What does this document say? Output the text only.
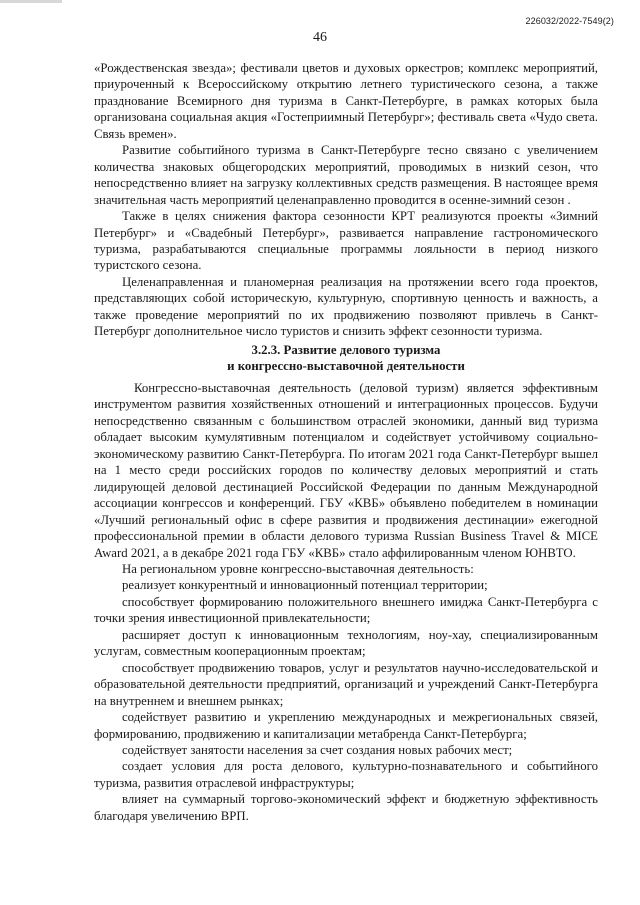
226032/2022-7549(2)
46

«Рождественская звезда»; фестивали цветов и духовых оркестров; комплекс мероприятий, приуроченный к Всероссийскому открытию летнего туристического сезона, а также празднование Всемирного дня туризма в Санкт-Петербурге, в рамках которых была организована социальная акция «Гостеприимный Петербург»; фестиваль света «Чудо света. Связь времен».

Развитие событийного туризма в Санкт-Петербурге тесно связано с увеличением количества знаковых общегородских мероприятий, проводимых в низкий сезон, что непосредственно влияет на загрузку коллективных средств размещения. В настоящее время значительная часть мероприятий целенаправленно проводится в осенне-зимний сезон .

Также в целях снижения фактора сезонности КРТ реализуются проекты «Зимний Петербург» и «Свадебный Петербург», развивается направление гастрономического туризма, разрабатываются специальные программы лояльности в период низкого туристского сезона.

Целенаправленная и планомерная реализация на протяжении всего года проектов, представляющих собой историческую, культурную, спортивную ценность и важность, а также проведение мероприятий по их продвижению позволяют привлечь в Санкт-Петербург дополнительное число туристов и снизить эффект сезонности туризма.

3.2.3. Развитие делового туризма
и конгрессно-выставочной деятельности

Конгрессно-выставочная деятельность (деловой туризм) является эффективным инструментом развития хозяйственных отношений и интеграционных процессов. Будучи непосредственно связанным с большинством отраслей экономики, данный вид туризма обладает высоким кумулятивным потенциалом и содействует устойчивому социально-экономическому развитию Санкт-Петербурга. По итогам 2021 года Санкт-Петербург вышел на 1 место среди российских городов по количеству деловых мероприятий и стать лидирующей деловой дестинацией Российской Федерации по данным Международной ассоциации конгрессов и конференций. ГБУ «КВБ» объявлено победителем в номинации «Лучший региональный офис в сфере развития и продвижения дестинации» ежегодной профессиональной премии в области делового туризма Russian Business Travel & MICE Award 2021, а в декабре 2021 года ГБУ «КВБ» стало аффилированным членом ЮНВТО.

На региональном уровне конгрессно-выставочная деятельность:

реализует конкурентный и инновационный потенциал территории;

способствует формированию положительного внешнего имиджа Санкт-Петербурга с точки зрения инвестиционной привлекательности;

расширяет доступ к инновационным технологиям, ноу-хау, специализированным услугам, совместным кооперационным проектам;

способствует продвижению товаров, услуг и результатов научно-исследовательской и образовательной деятельности предприятий, организаций и учреждений Санкт-Петербурга на внутреннем и внешнем рынках;

содействует развитию и укреплению международных и межрегиональных связей, формированию, продвижению и капитализации метабренда Санкт-Петербурга;

содействует занятости населения за счет создания новых рабочих мест;

создает условия для роста делового, культурно-познавательного и событийного туризма, развития отраслевой инфраструктуры;

влияет на суммарный торгово-экономический эффект и бюджетную эффективность благодаря увеличению ВРП.
